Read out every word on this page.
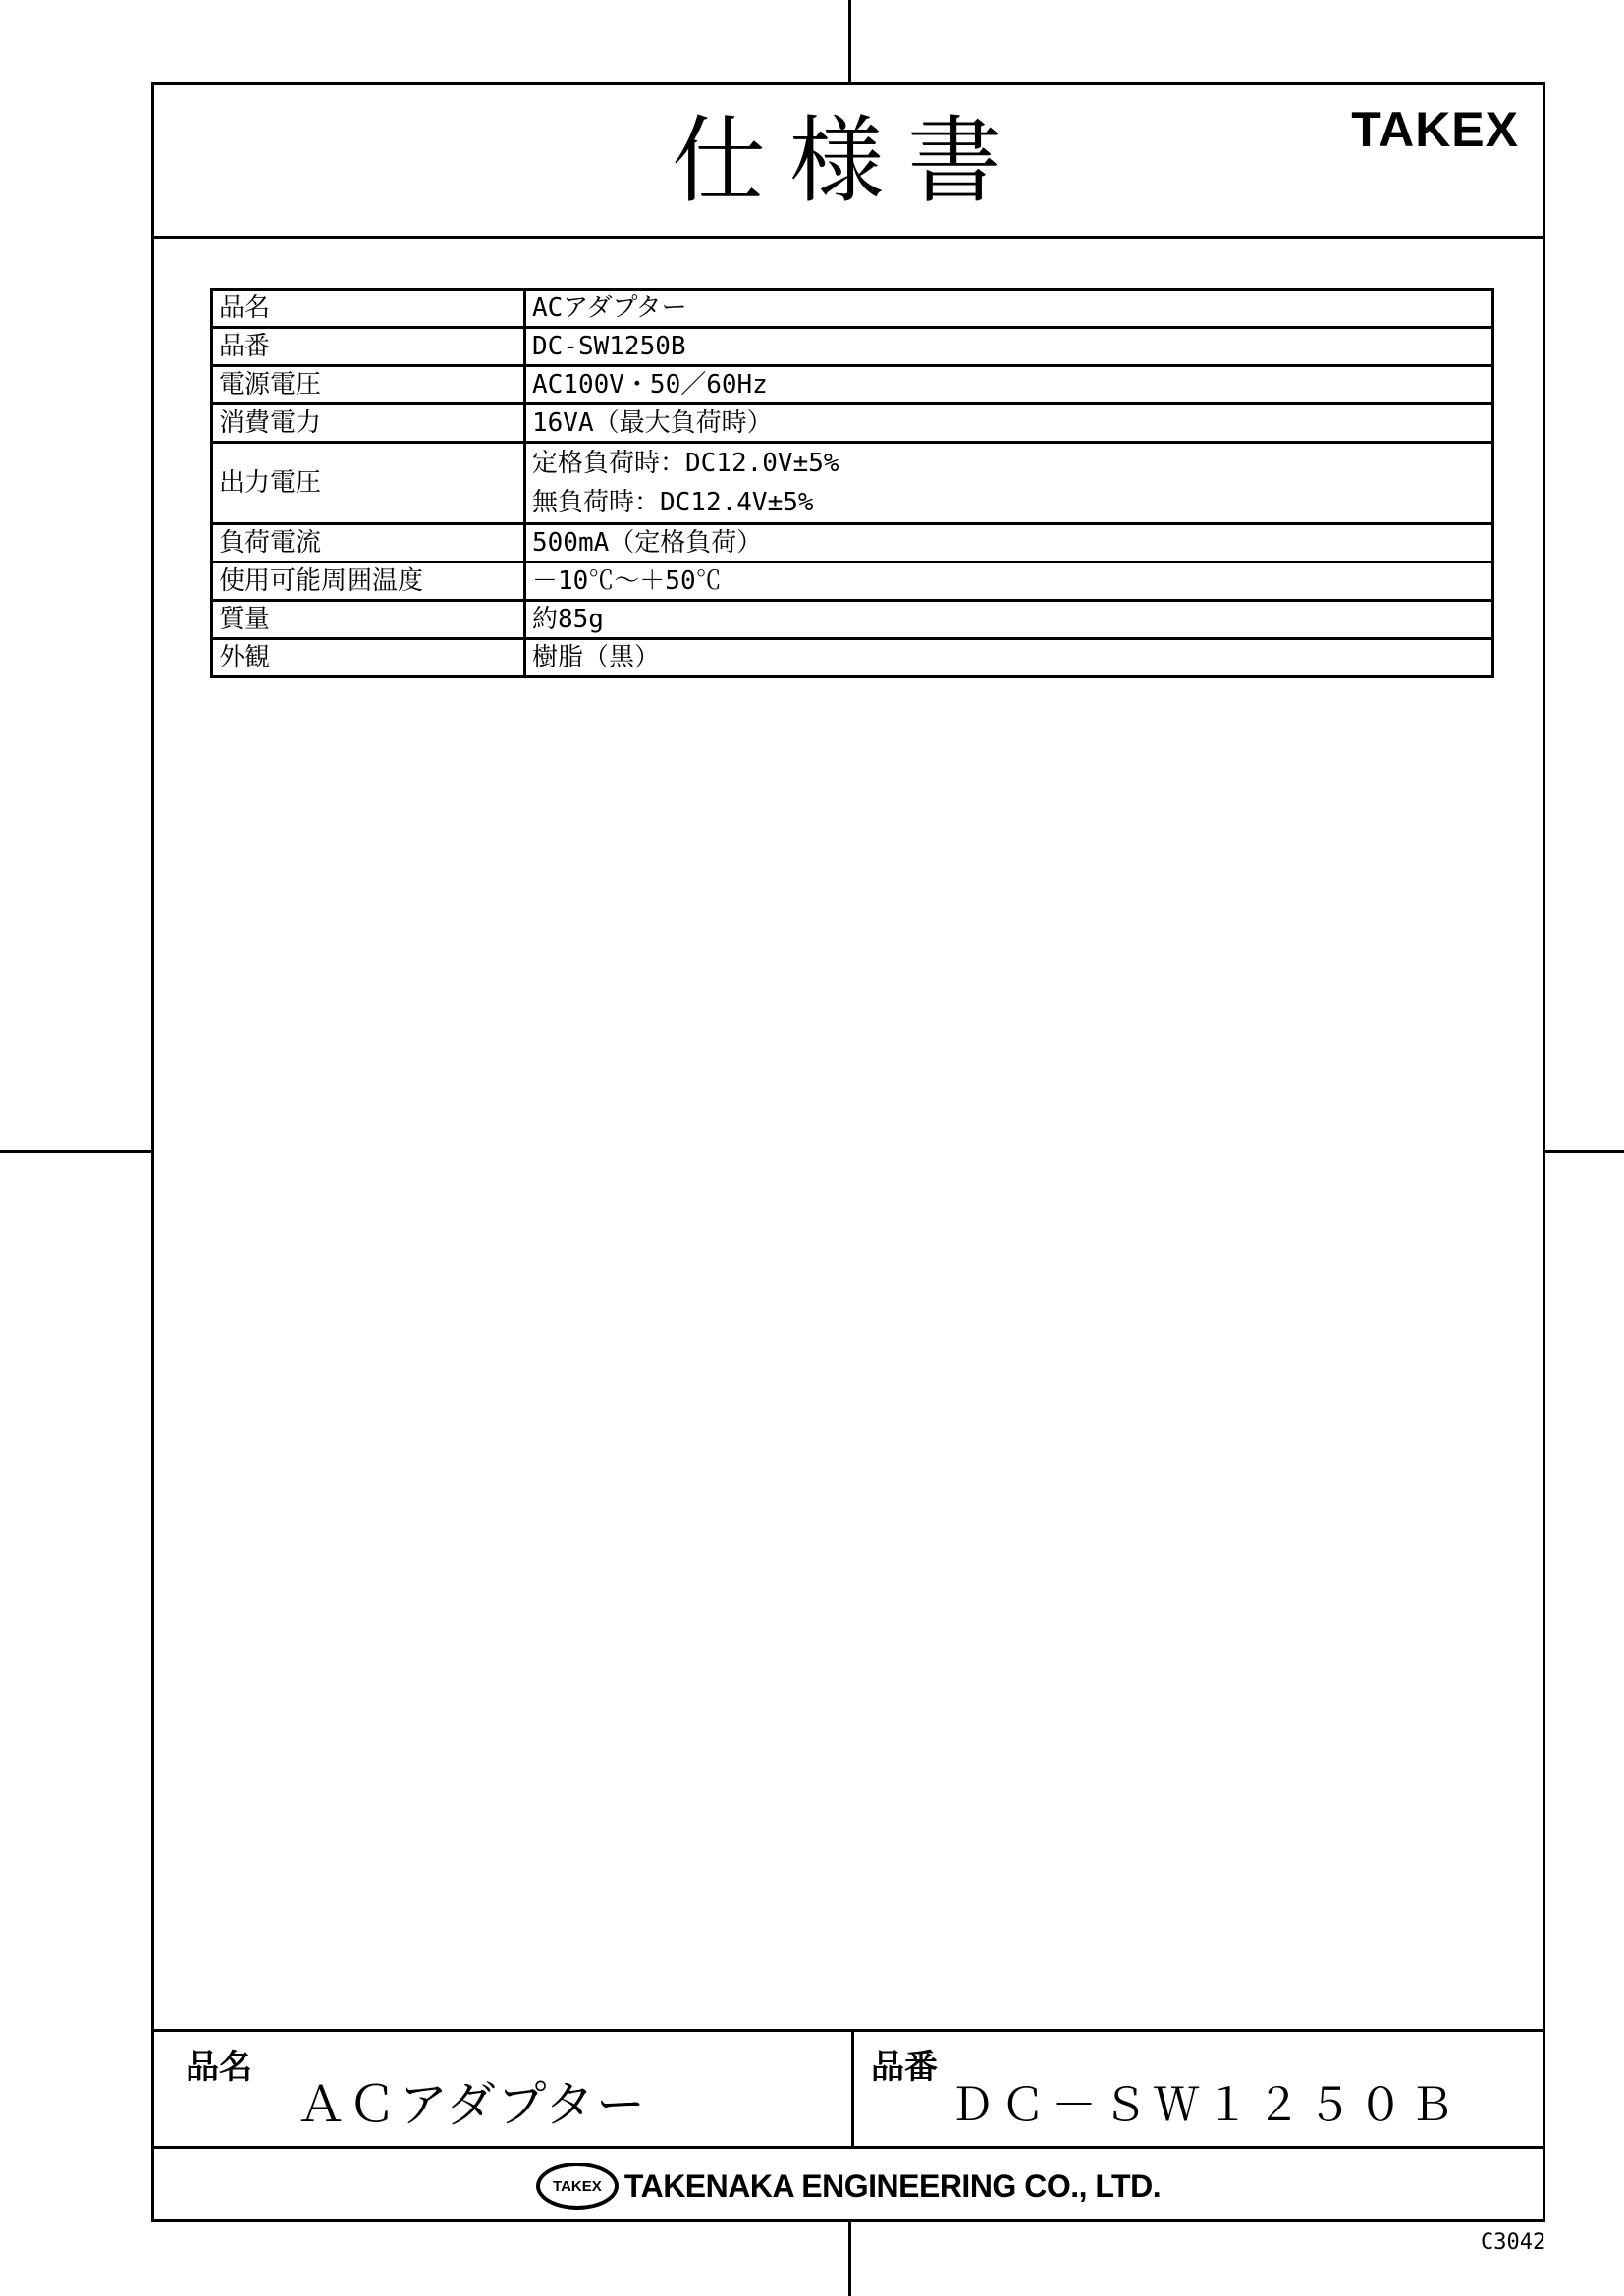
仕様書	TAKEX
品名	ACアダプター
品番	DC-SW1250B
電源電圧	AC100V・50／60Hz
消費電力	16VA（最大負荷時）
出力電圧	定格負荷時：DC12.0V±5%
無負荷時：DC12.4V±5%

負荷電流	500mA（定格負荷）
使用可能周囲温度	－10℃～＋50℃
質量	約85g
外観	樹脂（黒）
品名
ＡＣアダプター
品番
ＤＣ－ＳＷ１２５０Ｂ
TAKEX TAKENAKA ENGINEERING CO., LTD.
C3042
